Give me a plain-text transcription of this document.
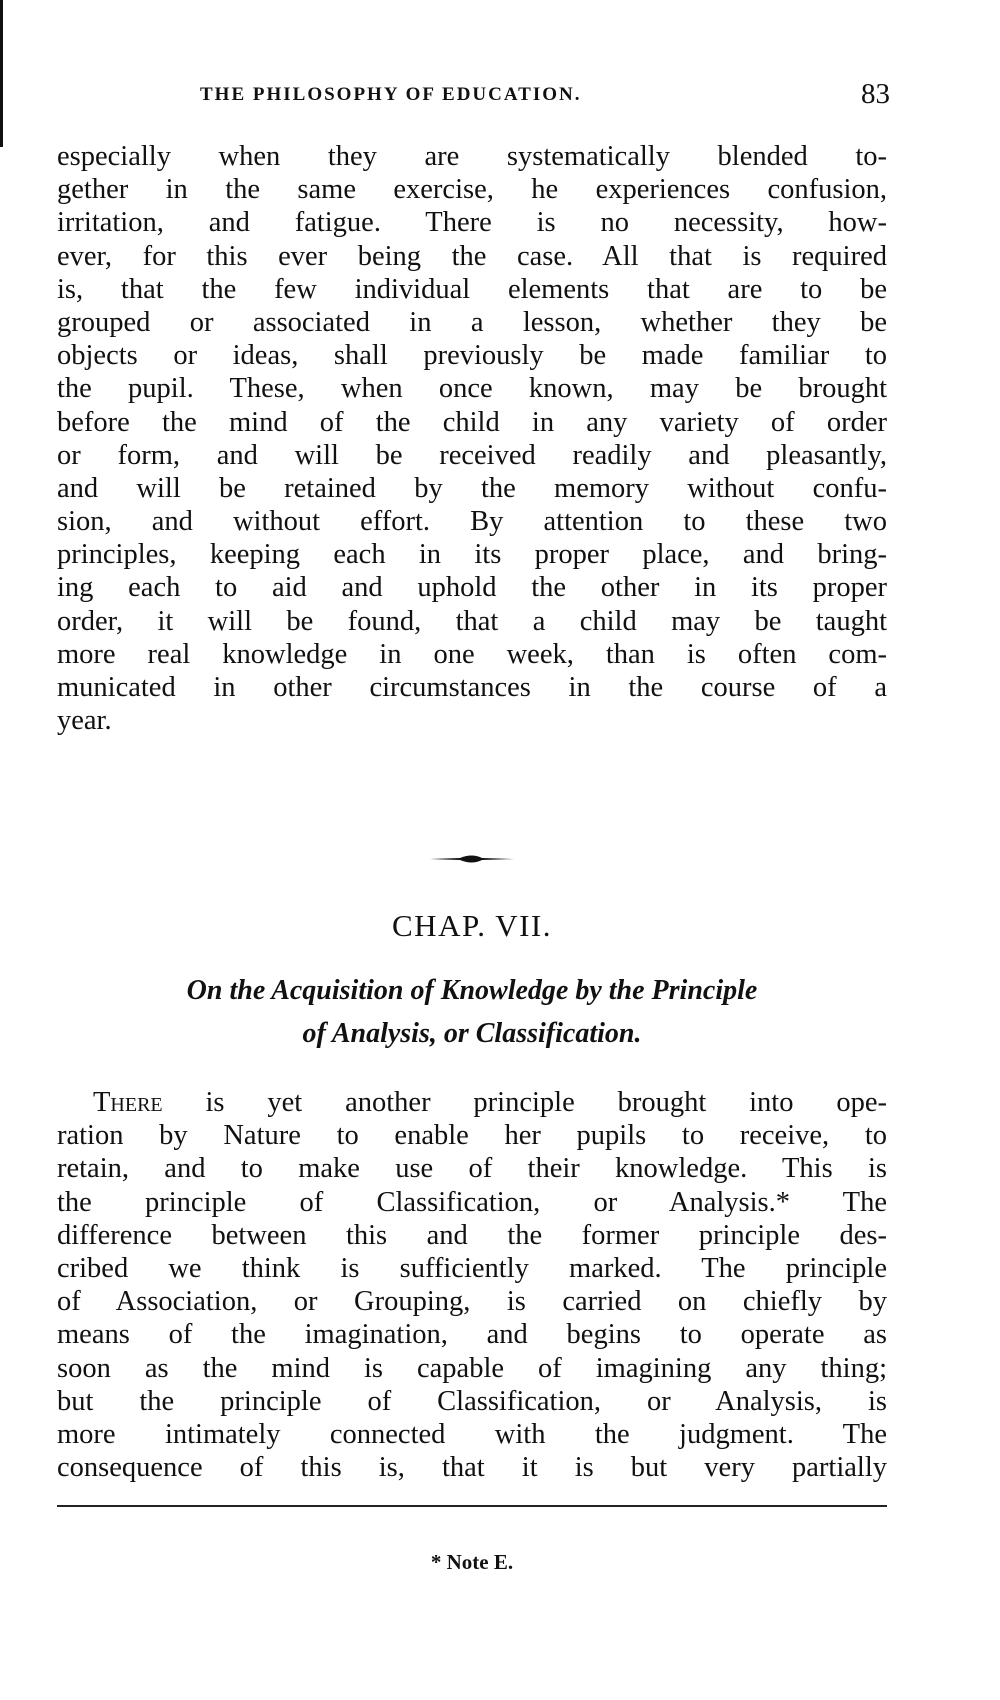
THE PHILOSOPHY OF EDUCATION.	83
especially when they are systematically blended to-
gether in the same exercise, he experiences confusion,
irritation, and fatigue. There is no necessity, how-
ever, for this ever being the case. All that is required
is, that the few individual elements that are to be
grouped or associated in a lesson, whether they be
objects or ideas, shall previously be made familiar to
the pupil. These, when once known, may be brought
before the mind of the child in any variety of order
or form, and will be received readily and pleasantly,
and will be retained by the memory without confu-
sion, and without effort. By attention to these two
principles, keeping each in its proper place, and bring-
ing each to aid and uphold the other in its proper
order, it will be found, that a child may be taught
more real knowledge in one week, than is often com-
municated in other circumstances in the course of a
year.
CHAP. VII.
On the Acquisition of Knowledge by the Principle
of Analysis, or Classification.
There is yet another principle brought into ope-
ration by Nature to enable her pupils to receive, to
retain, and to make use of their knowledge. This is
the principle of Classification, or Analysis.* The
difference between this and the former principle des-
cribed we think is sufficiently marked. The principle
of Association, or Grouping, is carried on chiefly by
means of the imagination, and begins to operate as
soon as the mind is capable of imagining any thing;
but the principle of Classification, or Analysis, is
more intimately connected with the judgment. The
consequence of this is, that it is but very partially
* Note E.
